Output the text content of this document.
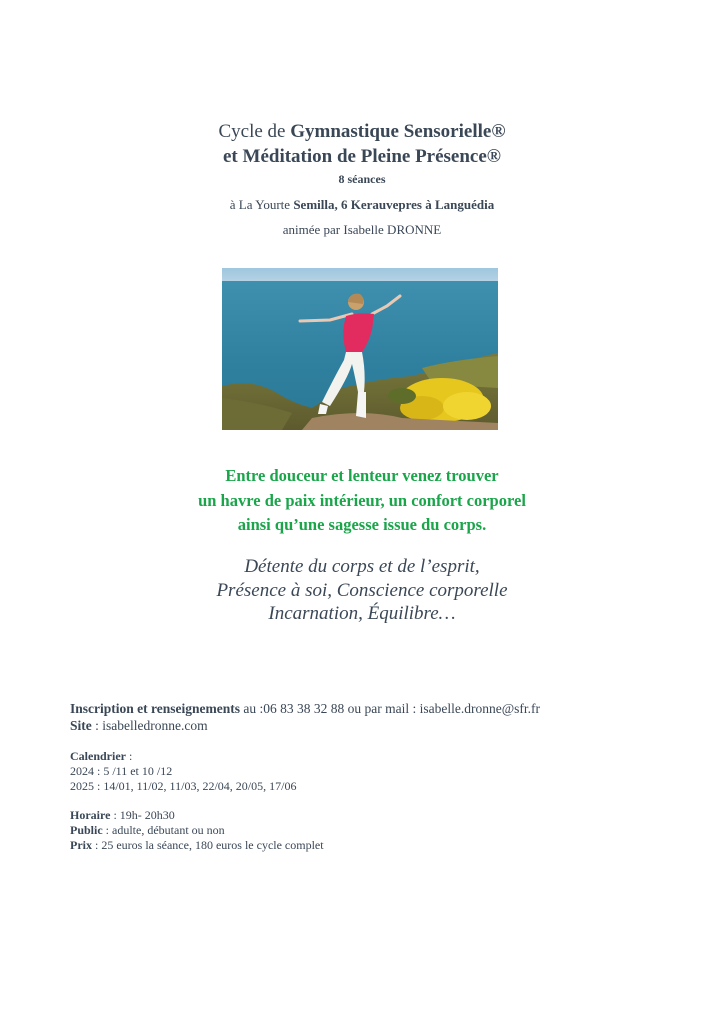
Cycle de Gymnastique Sensorielle®
et Méditation de Pleine Présence®
8 séances
à La Yourte Semilla, 6 Kerauvepres à Languédia
animée par Isabelle DRONNE
Entre douceur et lenteur venez trouver
un havre de paix intérieur, un confort corporel
ainsi qu’une sagesse issue du corps.
Détente du corps et de l’esprit,
Présence à soi, Conscience corporelle
Incarnation, Équilibre…
Inscription et renseignements au :06 83 38 32 88 ou par mail : isabelle.dronne@sfr.fr
Site : isabelledronne.com
Calendrier :
2024 : 5 /11 et 10 /12
2025 : 14/01, 11/02, 11/03, 22/04, 20/05, 17/06
Horaire : 19h- 20h30
Public : adulte, débutant ou non
Prix : 25 euros la séance, 180 euros le cycle complet
